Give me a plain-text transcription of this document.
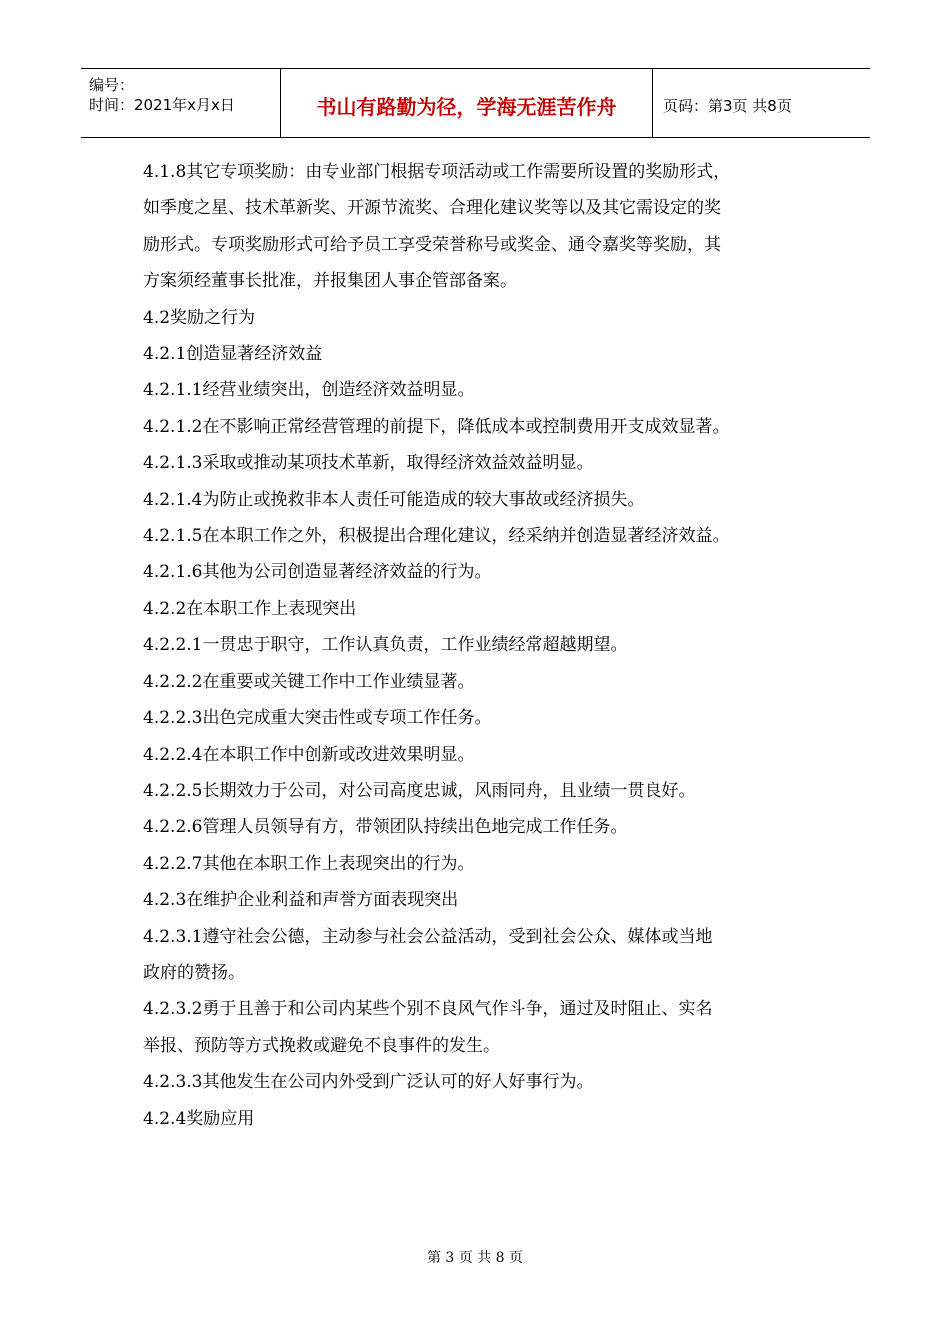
编号：
时间：2021年x月x日	书山有路勤为径，学海无涯苦作舟	页码：第3页 共8页

4.1.8其它专项奖励：由专业部门根据专项活动或工作需要所设置的奖励形式，

如季度之星、技术革新奖、开源节流奖、合理化建议奖等以及其它需设定的奖

励形式。专项奖励形式可给予员工享受荣誉称号或奖金、通令嘉奖等奖励，其

方案须经董事长批准，并报集团人事企管部备案。

4.2奖励之行为

4.2.1创造显著经济效益

4.2.1.1经营业绩突出，创造经济效益明显。

4.2.1.2在不影响正常经营管理的前提下，降低成本或控制费用开支成效显著。

4.2.1.3采取或推动某项技术革新，取得经济效益效益明显。

4.2.1.4为防止或挽救非本人责任可能造成的较大事故或经济损失。

4.2.1.5在本职工作之外，积极提出合理化建议，经采纳并创造显著经济效益。

4.2.1.6其他为公司创造显著经济效益的行为。

4.2.2在本职工作上表现突出

4.2.2.1一贯忠于职守，工作认真负责，工作业绩经常超越期望。

4.2.2.2在重要或关键工作中工作业绩显著。

4.2.2.3出色完成重大突击性或专项工作任务。

4.2.2.4在本职工作中创新或改进效果明显。

4.2.2.5长期效力于公司，对公司高度忠诚，风雨同舟，且业绩一贯良好。

4.2.2.6管理人员领导有方，带领团队持续出色地完成工作任务。

4.2.2.7其他在本职工作上表现突出的行为。

4.2.3在维护企业利益和声誉方面表现突出

4.2.3.1遵守社会公德，主动参与社会公益活动，受到社会公众、媒体或当地

政府的赞扬。

4.2.3.2勇于且善于和公司内某些个别不良风气作斗争，通过及时阻止、实名

举报、预防等方式挽救或避免不良事件的发生。

4.2.3.3其他发生在公司内外受到广泛认可的好人好事行为。

4.2.4奖励应用

第 3 页 共 8 页
